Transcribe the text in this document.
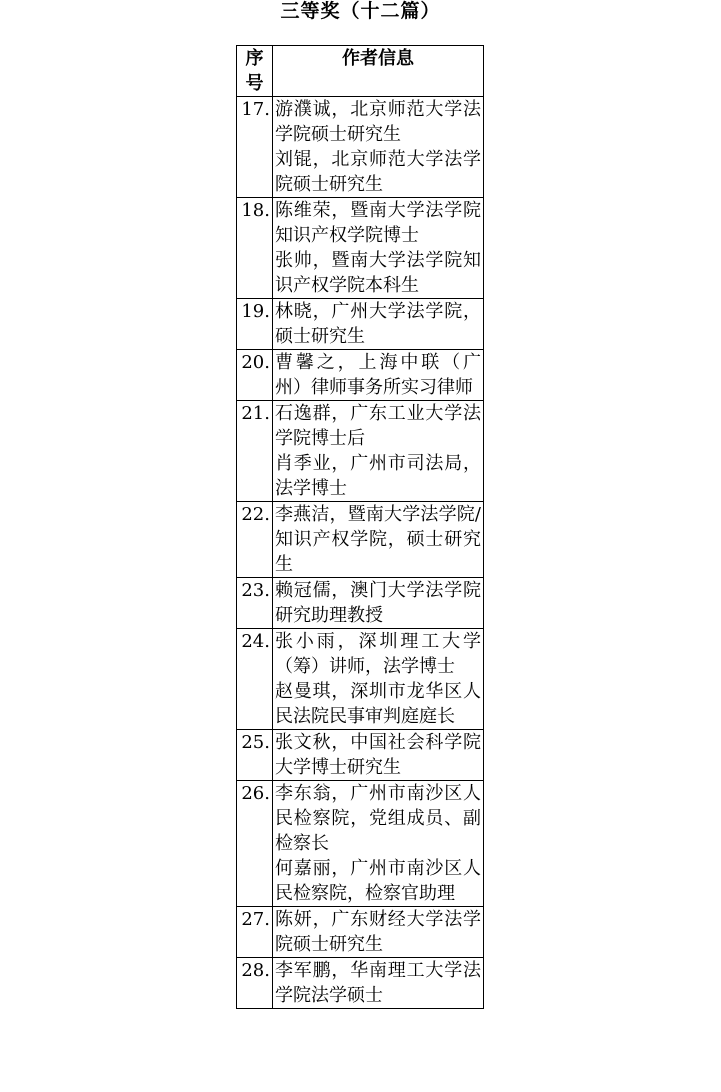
三等奖（十二篇）
序
号	作者信息
17.	游濮诚，北京师范大学法学院硕士研究生
刘锟，北京师范大学法学院硕士研究生

18.	陈维荣，暨南大学法学院知识产权学院博士
张帅，暨南大学法学院知识产权学院本科生

19.	林晓，广州大学法学院，硕士研究生

20.	曹馨之，上海中联（广州）律师事务所实习律师

21.	石逸群，广东工业大学法学院博士后
肖季业，广州市司法局，法学博士

22.	李燕洁，暨南大学法学院/知识产权学院，硕士研究生

23.	赖冠儒，澳门大学法学院研究助理教授

24.	张小雨，深圳理工大学（筹）讲师，法学博士
赵曼琪，深圳市龙华区人民法院民事审判庭庭长

25.	张文秋，中国社会科学院大学博士研究生

26.	李东翁，广州市南沙区人民检察院，党组成员、副检察长
何嘉丽，广州市南沙区人民检察院，检察官助理

27.	陈妍，广东财经大学法学院硕士研究生

28.	李军鹏，华南理工大学法学院法学硕士
